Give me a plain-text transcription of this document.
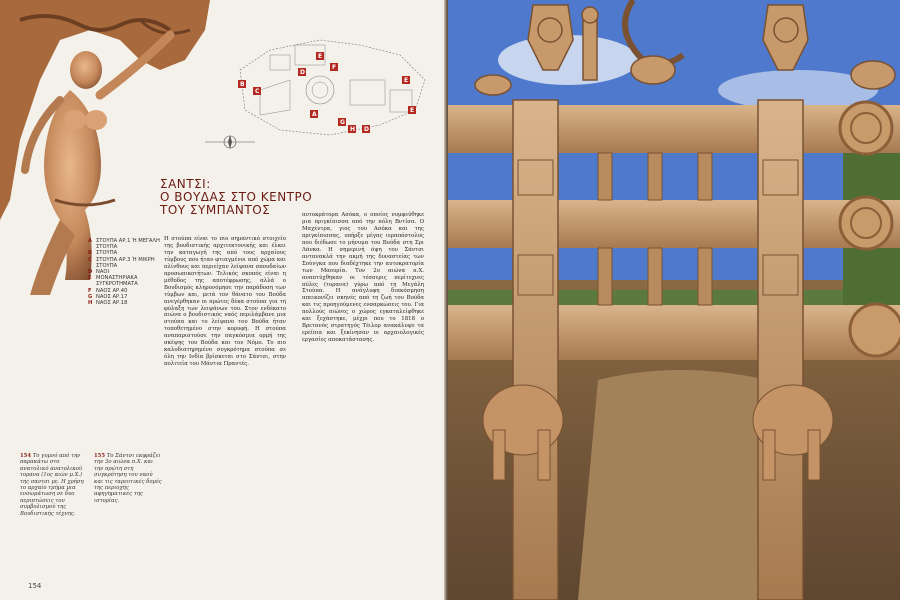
B
C
A
D
E
F
G
H D
E
E
ΣΑΝΤΣΙ:
Ο ΒΟΥΔΑΣ ΣΤΟ ΚΕΝΤΡΟ
ΤΟΥ ΣΥΜΠΑΝΤΟΣ
A ΣΤΟΥΠΑ ΑΡ.1 Ή ΜΕΓΑΛΗ ΣΤΟΥΠΑ
B ΣΤΟΥΠΑ
C ΣΤΟΥΠΑ ΑΡ.3 Ή ΜΙΚΡΗ ΣΤΟΥΠΑ
D ΝΑΟΙ
E ΜΟΝΑΣΤΗΡΙΑΚΑ ΣΥΓΚΡΟΤΗΜΑΤΑ
F ΝΑΟΣ ΑΡ.40
G ΝΑΟΣ ΑΡ.17
H ΝΑΟΣ ΑΡ.18
Η στούπα είναι το πιο σημαντικό στοιχείο της βουδιστικής αρχιτεκτονικής και έλκει την καταγωγή της από τους αρχαίους τύμβους που ήταν φτιαγμένοι από χώμα και πλίνθους και περιείχαν λείψανα σπουδαίων προσωπικοτήτων. Τελικός σκοπός είναι η μέθοδος της αποτέφρωσης, αλλά ο Βουδισμός κληρονόμησε την παράδοση των τύμβων και, μετά τον θάνατο του Βούδα ανεγέρθηκαν οι πρώτες δέκα στούπα για τη φύλαξη των λειψάνων του. Στον ενδέκατο αιώνα ο βουδιστικός ναός περιλάμβανε μια στούπα και το λείψανο του Βούδα ήταν τοποθετημένο στην κορυφή. Η στούπα αναπαριστούσε την παγκόσμια ορμή της σκέψης του Βούδα και τον Νόμο. Το πιο καλοδιατηρημένο συγκρότημα στούπα σε όλη την Ινδία βρίσκεται στο Σάντσι, στην πολιτεία του Μάντια Πραντές.
αυτοκράτορα Ασόκα, ο οποίος νυμφεύθηκε μια πριγκίπισσα από την πόλη Βντίσα. Ο Μαχέντρα, γιος του Ασόκα και της πριγκίπισσας, υπήρξε μέγας ιεραπόστολος που διέδωσε το μήνυμα του Βούδα στη Σρι Λάνκα. Η σημερινή όψη του Σάντσι αντανακλά την ακμή της δυναστείας των Σούνγκα που διαδέχτηκε την αυτοκρατορία των Μαουρία. Τον 2ο αιώνα π.Χ. αναπτύχθηκαν οι τέσσερις περίτεχνες πύλες (τορανα) γύρω από τη Μεγάλη Στούπα. Η ανάγλυφη διακόσμηση απεικονίζει σκηνές από τη ζωή του Βούδα και τις προηγούμενες ενσαρκώσεις του. Για πολλούς αιώνες ο χώρος εγκαταλείφθηκε και ξεχάστηκε, μέχρι που το 1818 ο Βρετανός στρατηγός Τέιλορ ανακάλυψε τα ερείπια και ξεκίνησαν οι αρχαιολογικές εργασίες αποκατάστασης.
154 Το γυμνό από την παρακάτω στο ανατολικό ανατολικού τορανα (1ος αιών μ.Χ.) της σαντσι με. Η χρήση το αρχαίο τμήμα μια ενσωμάτωση σε δυο περιπτώσεις του συμβολισμού της Βουδιστικής τέχνης.
155 Το Σάντσι εκφράζει την 3ο αιώνα π.Χ. και την πρώτη στη συγκρότηση του ναού και τις ταρευτικές δομές της περιοχής αφηγηματικές της ιστορίας.
154
